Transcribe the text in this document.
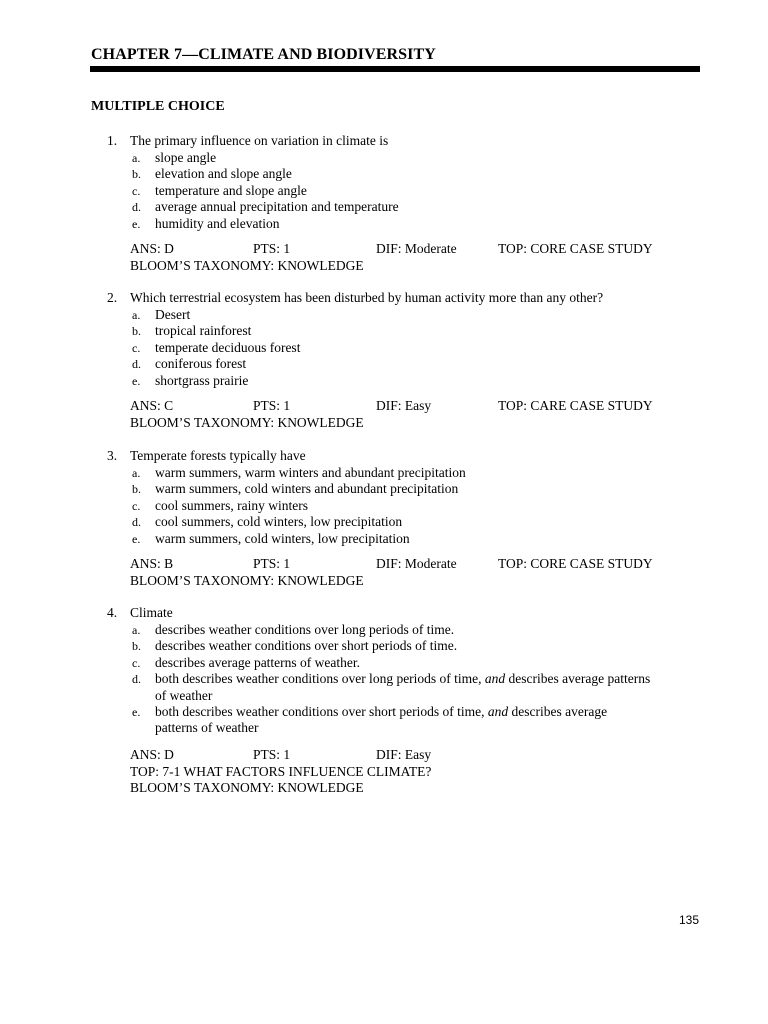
CHAPTER 7—CLIMATE AND BIODIVERSITY
MULTIPLE CHOICE
1. The primary influence on variation in climate is
a. slope angle
b. elevation and slope angle
c. temperature and slope angle
d. average annual precipitation and temperature
e. humidity and elevation
ANS: D	PTS: 1	DIF: Moderate	TOP: CORE CASE STUDY
BLOOM’S TAXONOMY: KNOWLEDGE
2. Which terrestrial ecosystem has been disturbed by human activity more than any other?
a. Desert
b. tropical rainforest
c. temperate deciduous forest
d. coniferous forest
e. shortgrass prairie
ANS: C	PTS: 1	DIF: Easy	TOP: CARE CASE STUDY
BLOOM’S TAXONOMY: KNOWLEDGE
3. Temperate forests typically have
a. warm summers, warm winters and abundant precipitation
b. warm summers, cold winters and abundant precipitation
c. cool summers, rainy winters
d. cool summers, cold winters, low precipitation
e. warm summers, cold winters, low precipitation
ANS: B	PTS: 1	DIF: Moderate	TOP: CORE CASE STUDY
BLOOM’S TAXONOMY: KNOWLEDGE
4. Climate
a. describes weather conditions over long periods of time.
b. describes weather conditions over short periods of time.
c. describes average patterns of weather.
d. both describes weather conditions over long periods of time, and describes average patterns of weather
e. both describes weather conditions over short periods of time, and describes average patterns of weather
ANS: D	PTS: 1	DIF: Easy
TOP: 7-1 WHAT FACTORS INFLUENCE CLIMATE?
BLOOM’S TAXONOMY: KNOWLEDGE
135
